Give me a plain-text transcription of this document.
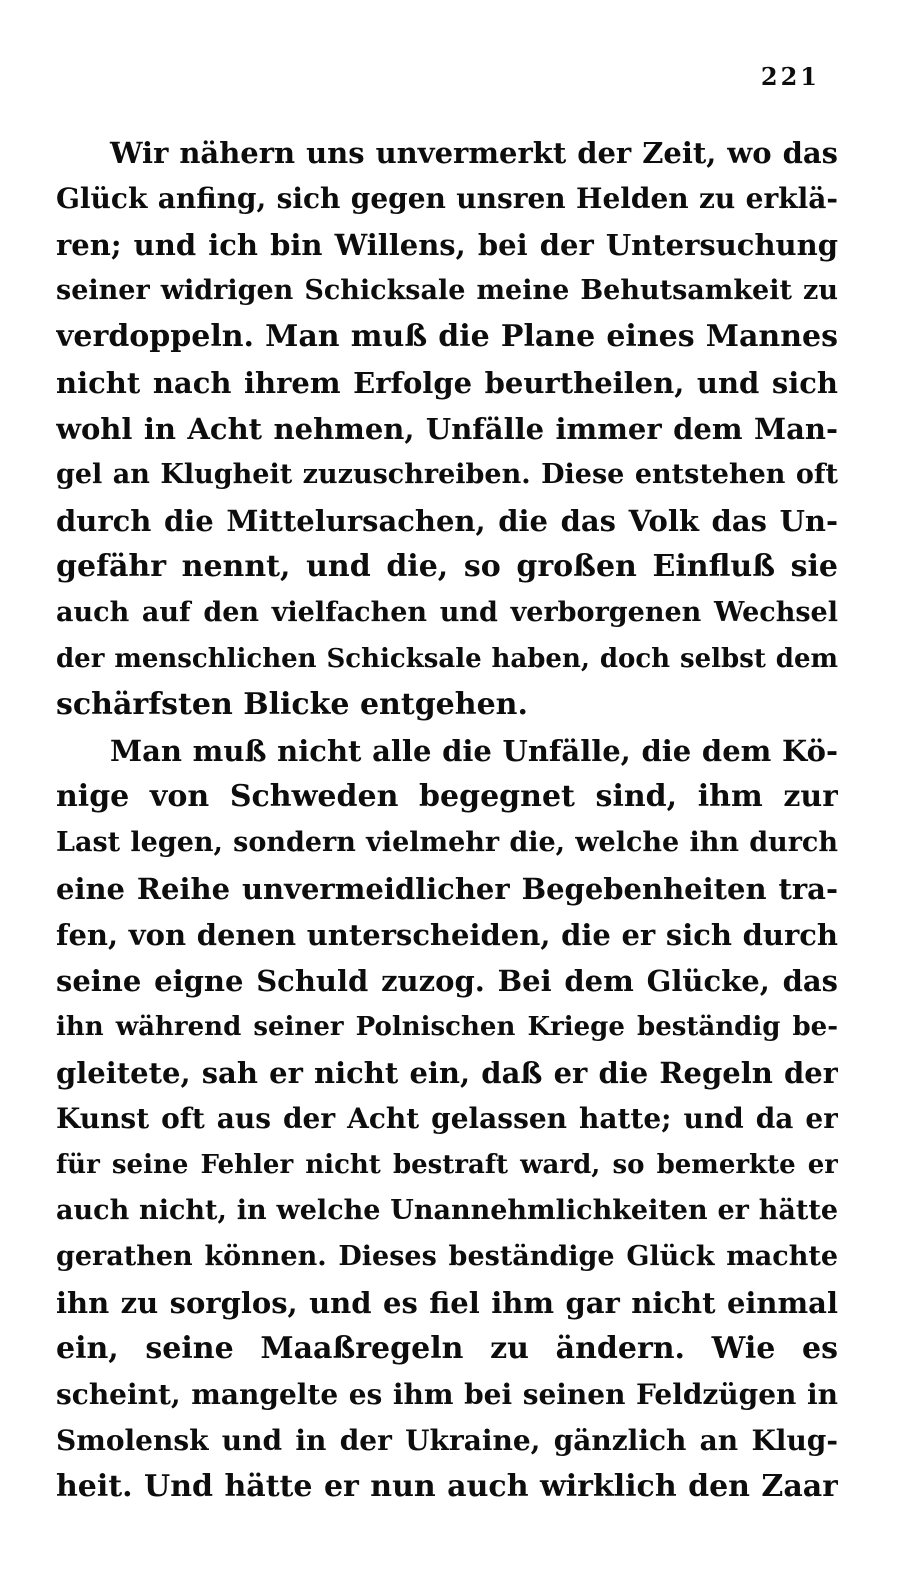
221
Wir nähern uns unvermerkt der Zeit, wo das
Glück anfing, sich gegen unsren Helden zu erklä-
ren; und ich bin Willens, bei der Untersuchung
seiner widrigen Schicksale meine Behutsamkeit zu
verdoppeln. Man muß die Plane eines Mannes
nicht nach ihrem Erfolge beurtheilen, und sich
wohl in Acht nehmen, Unfälle immer dem Man-
gel an Klugheit zuzuschreiben. Diese entstehen oft
durch die Mittelursachen, die das Volk das Un-
gefähr nennt, und die, so großen Einfluß sie
auch auf den vielfachen und verborgenen Wechsel
der menschlichen Schicksale haben, doch selbst dem
schärfsten Blicke entgehen.
Man muß nicht alle die Unfälle, die dem Kö-
nige von Schweden begegnet sind, ihm zur
Last legen, sondern vielmehr die, welche ihn durch
eine Reihe unvermeidlicher Begebenheiten tra-
fen, von denen unterscheiden, die er sich durch
seine eigne Schuld zuzog. Bei dem Glücke, das
ihn während seiner Polnischen Kriege beständig be-
gleitete, sah er nicht ein, daß er die Regeln der
Kunst oft aus der Acht gelassen hatte; und da er
für seine Fehler nicht bestraft ward, so bemerkte er
auch nicht, in welche Unannehmlichkeiten er hätte
gerathen können. Dieses beständige Glück machte
ihn zu sorglos, und es fiel ihm gar nicht einmal
ein, seine Maaßregeln zu ändern. Wie es
scheint, mangelte es ihm bei seinen Feldzügen in
Smolensk und in der Ukraine, gänzlich an Klug-
heit. Und hätte er nun auch wirklich den Zaar
